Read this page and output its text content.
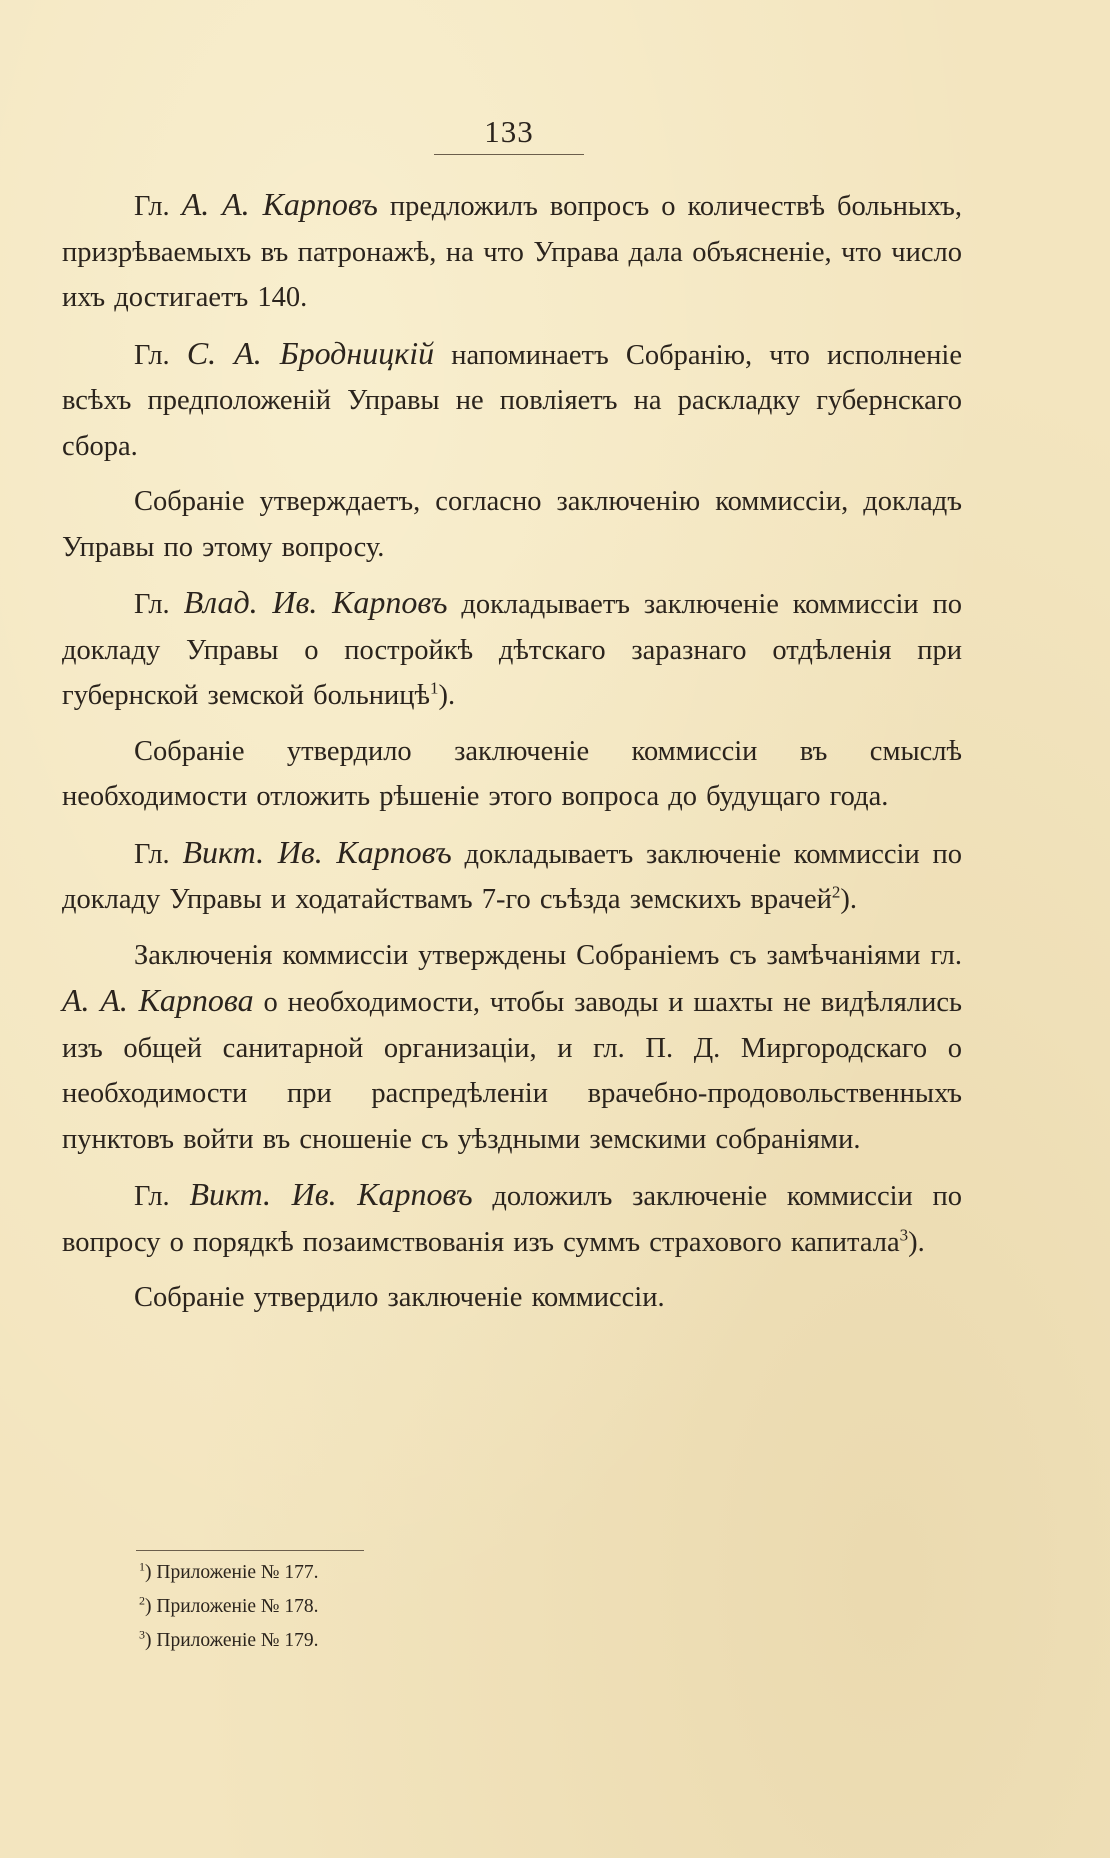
133

Гл. А. А. Карповъ предложилъ вопросъ о количествѣ больныхъ, призрѣваемыхъ въ патронажѣ, на что Управа дала объясненіе, что число ихъ достигаетъ 140.

Гл. С. А. Бродницкій напоминаетъ Собранію, что исполненіе всѣхъ предположеній Управы не повліяетъ на раскладку губернскаго сбора.

Собраніе утверждаетъ, согласно заключенію коммиссіи, докладъ Управы по этому вопросу.

Гл. Влад. Ив. Карповъ докладываетъ заключеніе коммиссіи по докладу Управы о постройкѣ дѣтскаго заразнаго отдѣленія при губернской земской больницѣ$^1$).

Собраніе утвердило заключеніе коммиссіи въ смыслѣ необходимости отложить рѣшеніе этого вопроса до будущаго года.

Гл. Викт. Ив. Карповъ докладываетъ заключеніе коммиссіи по докладу Управы и ходатайствамъ 7-го съѣзда земскихъ врачей$^2$).

Заключенія коммиссіи утверждены Собраніемъ съ замѣчаніями гл. А. А. Карпова о необходимости, чтобы заводы и шахты не видѣлялись изъ общей санитарной организаціи, и гл. П. Д. Миргородскаго о необходимости при распредѣленіи врачебно-продовольственныхъ пунктовъ войти въ сношеніе съ уѣздными земскими собраніями.

Гл. Викт. Ив. Карповъ доложилъ заключеніе коммиссіи по вопросу о порядкѣ позаимствованія изъ суммъ страхового капитала$^3$).

Собраніе утвердило заключеніе коммиссіи.

$^1$) Приложеніе № 177.
$^2$) Приложеніе № 178.
$^3$) Приложеніе № 179.
